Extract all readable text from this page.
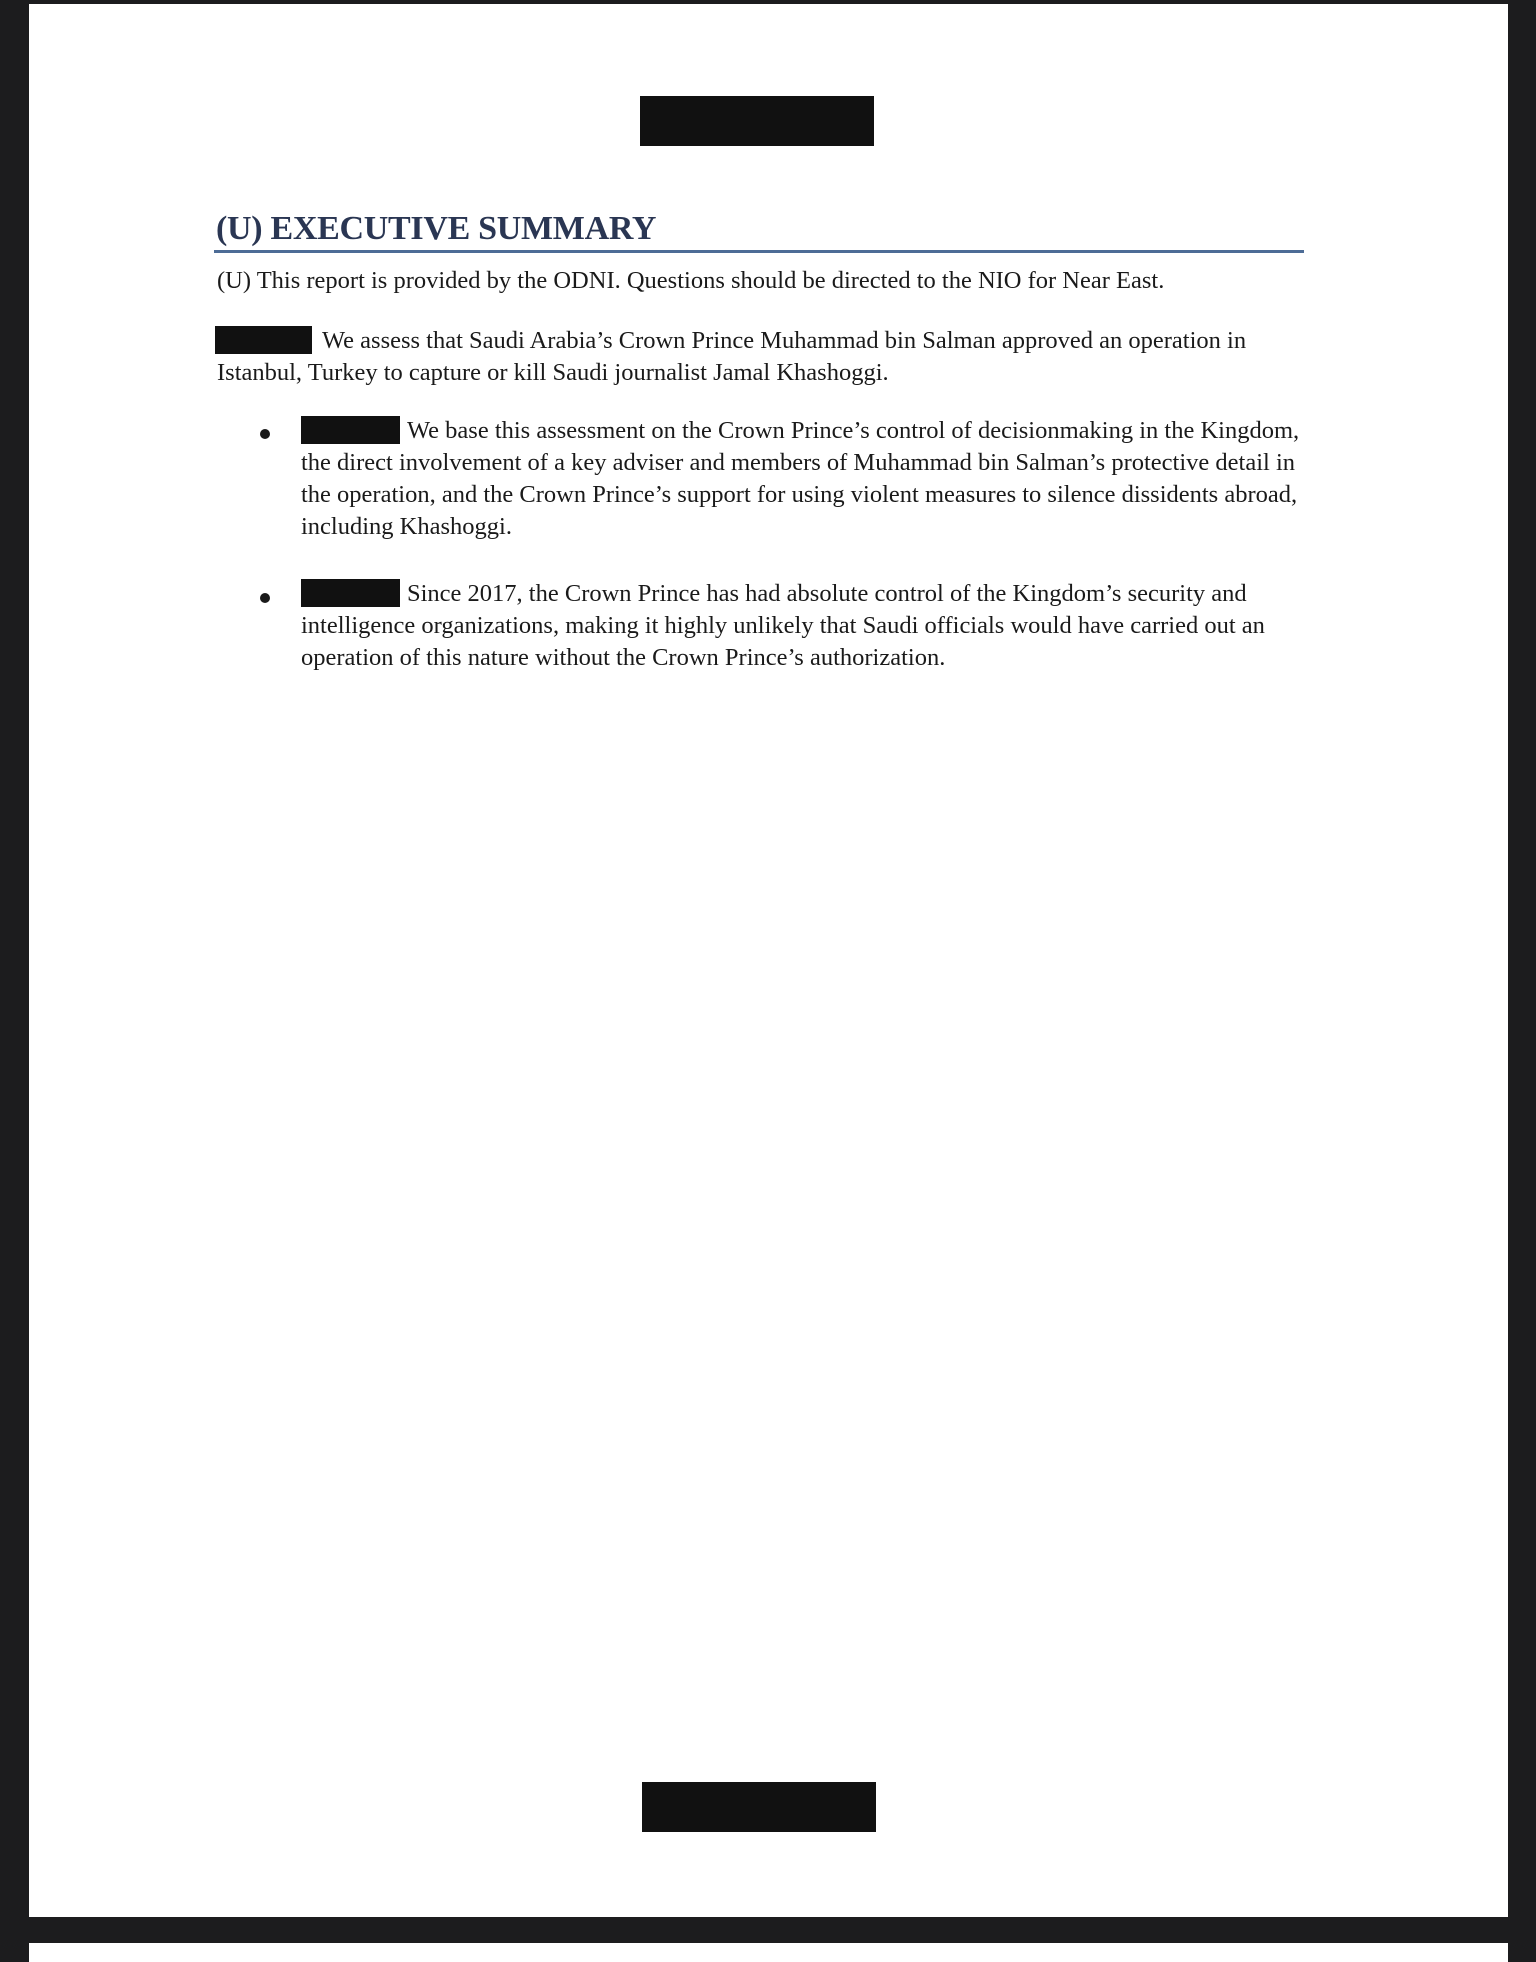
(U) EXECUTIVE SUMMARY

(U) This report is provided by the ODNI. Questions should be directed to the NIO for Near East.

We assess that Saudi Arabia’s Crown Prince Muhammad bin Salman approved an operation in Istanbul, Turkey to capture or kill Saudi journalist Jamal Khashoggi.

We base this assessment on the Crown Prince’s control of decisionmaking in the Kingdom, the direct involvement of a key adviser and members of Muhammad bin Salman’s protective detail in the operation, and the Crown Prince’s support for using violent measures to silence dissidents abroad, including Khashoggi.

Since 2017, the Crown Prince has had absolute control of the Kingdom’s security and intelligence organizations, making it highly unlikely that Saudi officials would have carried out an operation of this nature without the Crown Prince’s authorization.
